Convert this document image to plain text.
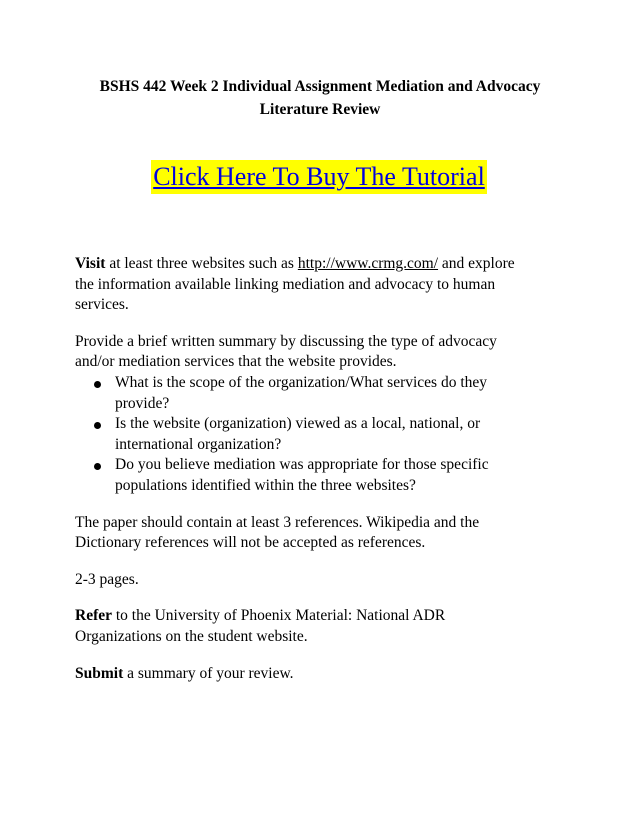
BSHS 442 Week 2 Individual Assignment Mediation and Advocacy
Literature Review
Click Here To Buy The Tutorial

Visit at least three websites such as http://www.crmg.com/ and explore
the information available linking mediation and advocacy to human
services.

Provide a brief written summary by discussing the type of advocacy
and/or mediation services that the website provides.

What is the scope of the organization/What services do they
provide?
Is the website (organization) viewed as a local, national, or
international organization?
Do you believe mediation was appropriate for those specific
populations identified within the three websites?

The paper should contain at least 3 references. Wikipedia and the
Dictionary references will not be accepted as references.

2-3 pages.

Refer to the University of Phoenix Material: National ADR
Organizations on the student website.

Submit a summary of your review.
